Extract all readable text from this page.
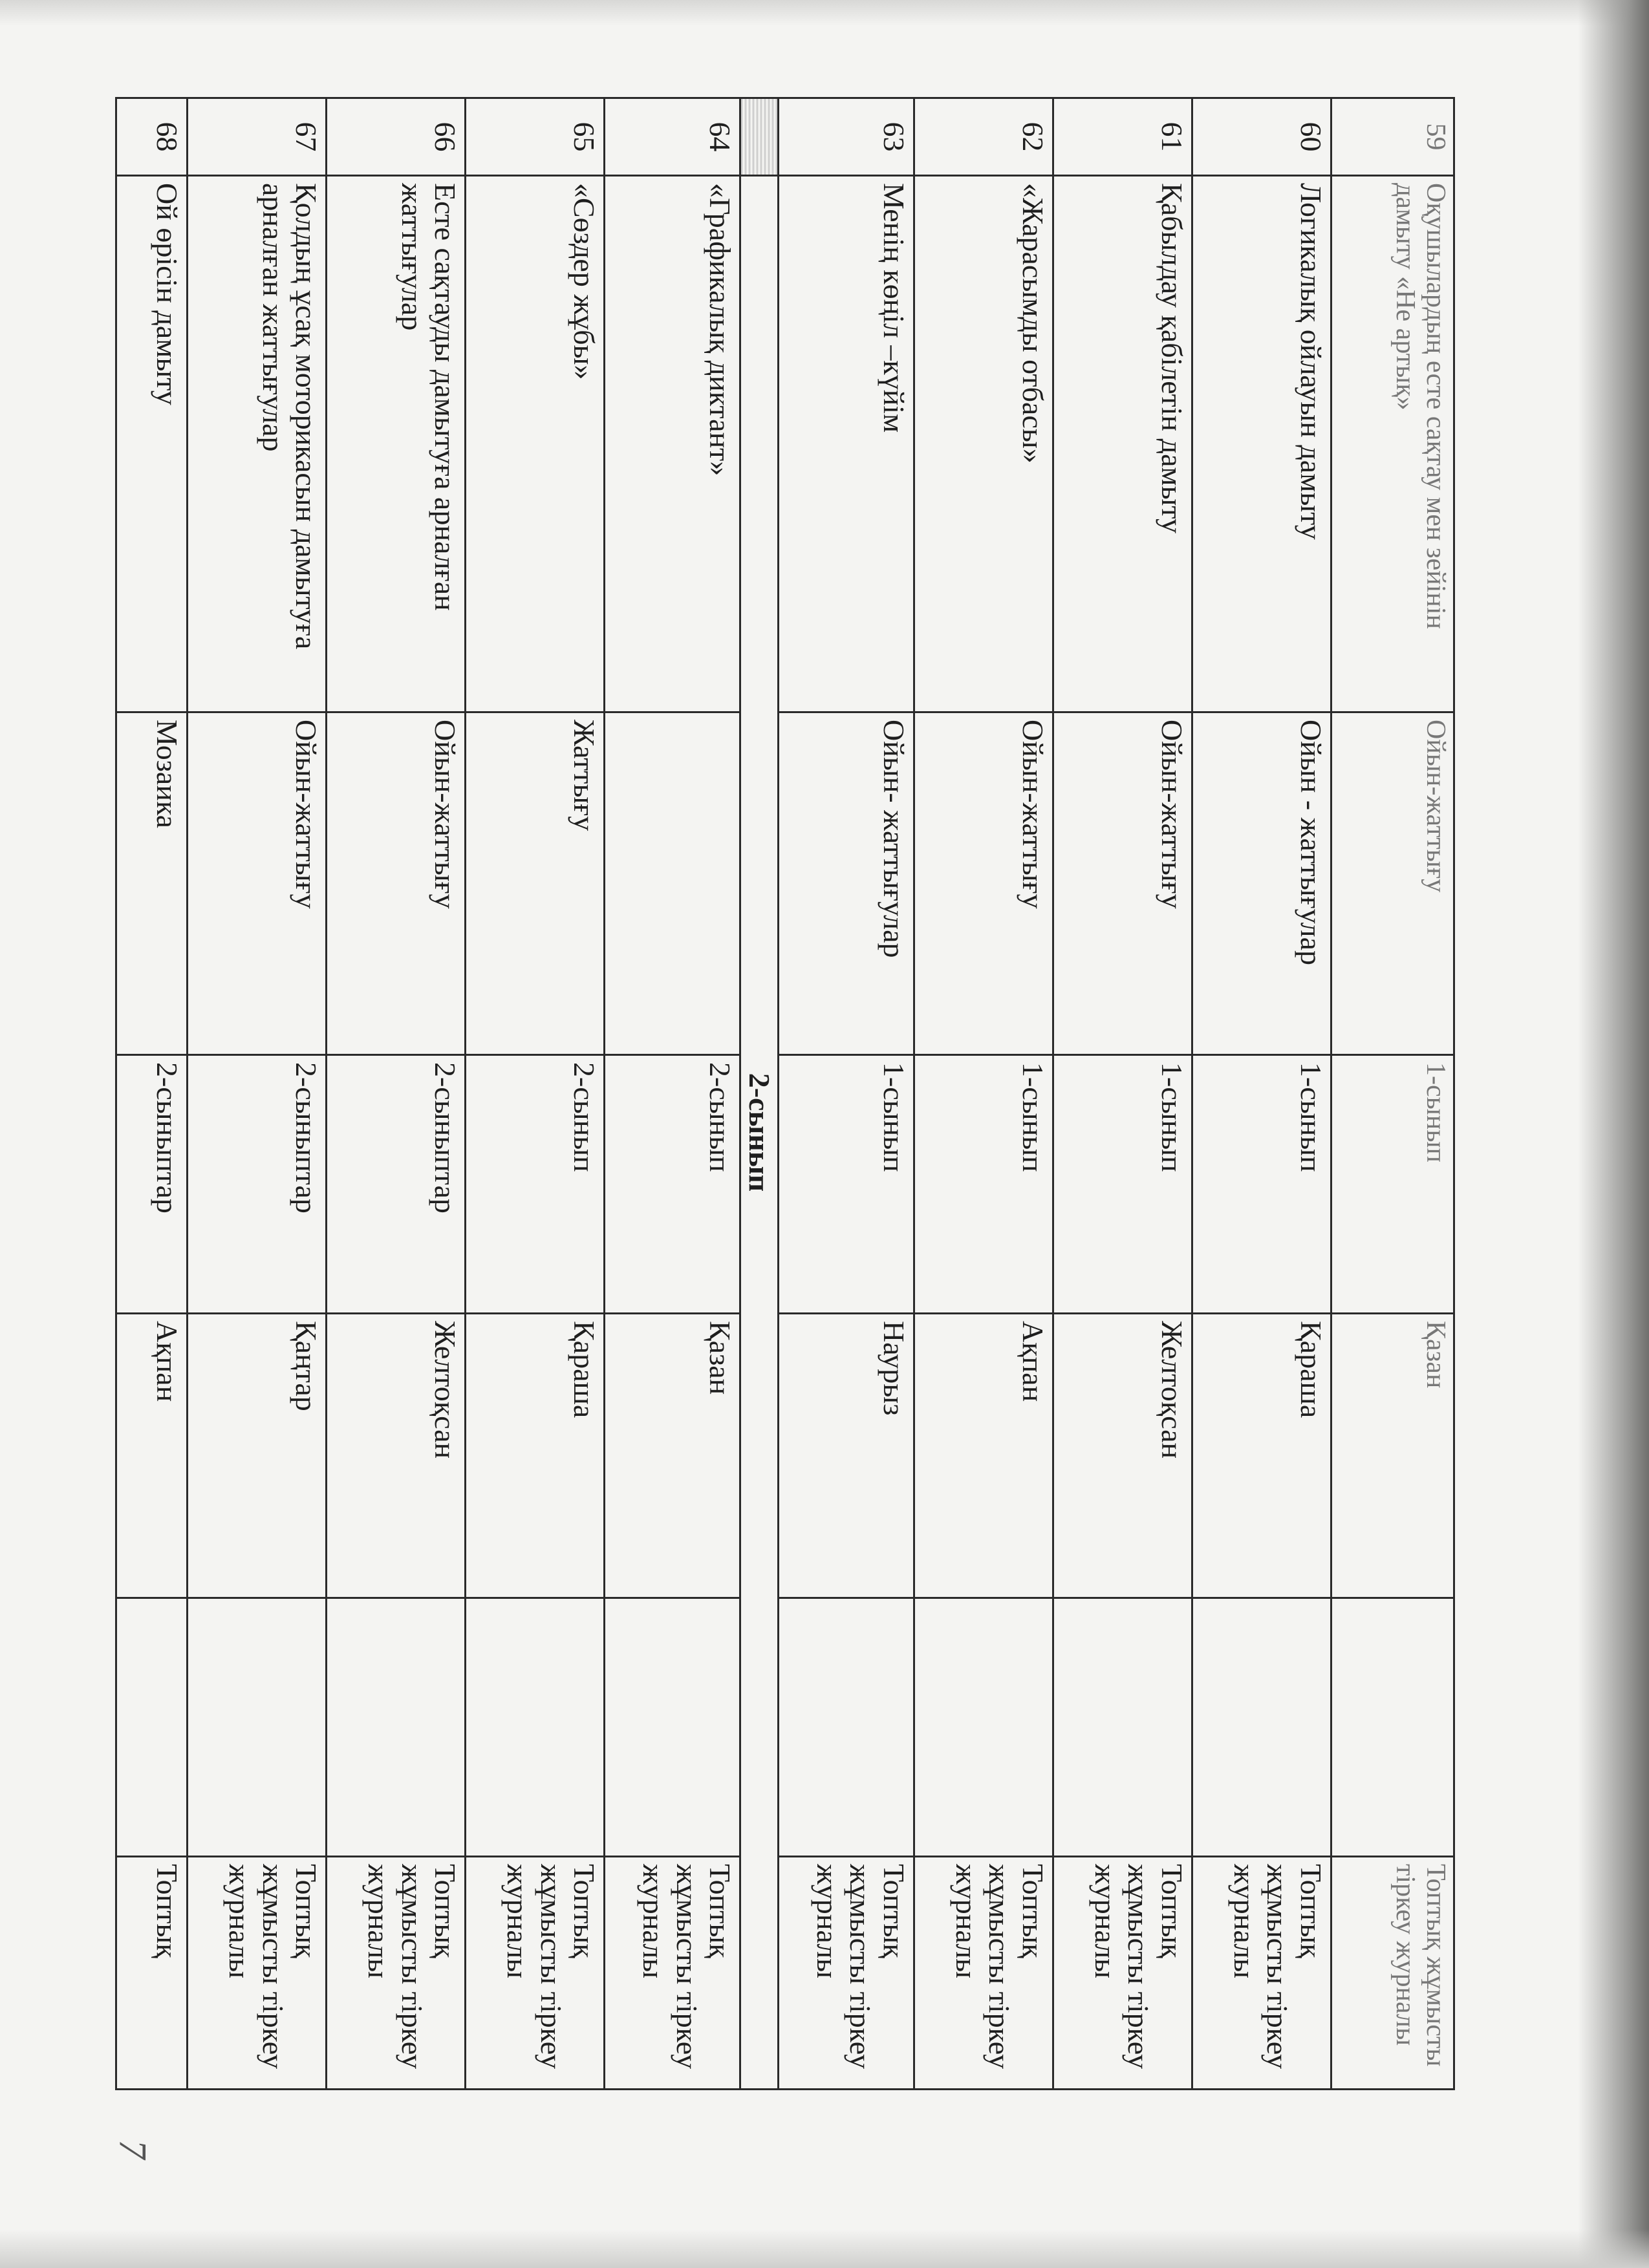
59	Оқушылардың есте сақтау мен зейінін дамыту «Не артық»	Ойын-жаттығу	1-сынып	Қазан		Топтық жұмысты тіркеу журналы
60	Логикалық ойлауын дамыту	Ойын - жаттығулар	1-сынып	Қараша		Топтық жұмысты тіркеу журналы
61	Қабылдау қабілетін дамыту	Ойын-жаттығу	1-сынып	Желтоқсан		Топтық жұмысты тіркеу журналы
62	«Жарасымды отбасы»	Ойын-жаттығу	1-сынып	Ақпан		Топтық жұмысты тіркеу журналы
63	Менің көңіл –күйім	Ойын- жаттығулар	1-сынып	Наурыз		Топтық жұмысты тіркеу журналы
	2-сынып					
64	«Графикалық диктант»		2-сынып	Қазан		Топтық жұмысты тіркеу журналы
65	«Сөздер жұбы»	Жаттығу	2-сынып	Қараша		Топтық жұмысты тіркеу журналы
66	Есте сақтауды дамытуға арналған жаттығулар	Ойын-жаттығу	2-сыныптар	Желтоқсан		Топтық жұмысты тіркеу журналы
67	Қолдың ұсақ моторикасын дамытуға арналған жаттығулар	Ойын-жаттығу	2-сыныптар	Қаңтар		Топтық жұмысты тіркеу журналы
68	Ой өрісін дамыту	Мозаика	2-сыныптар	Ақпан		Топтық
7
